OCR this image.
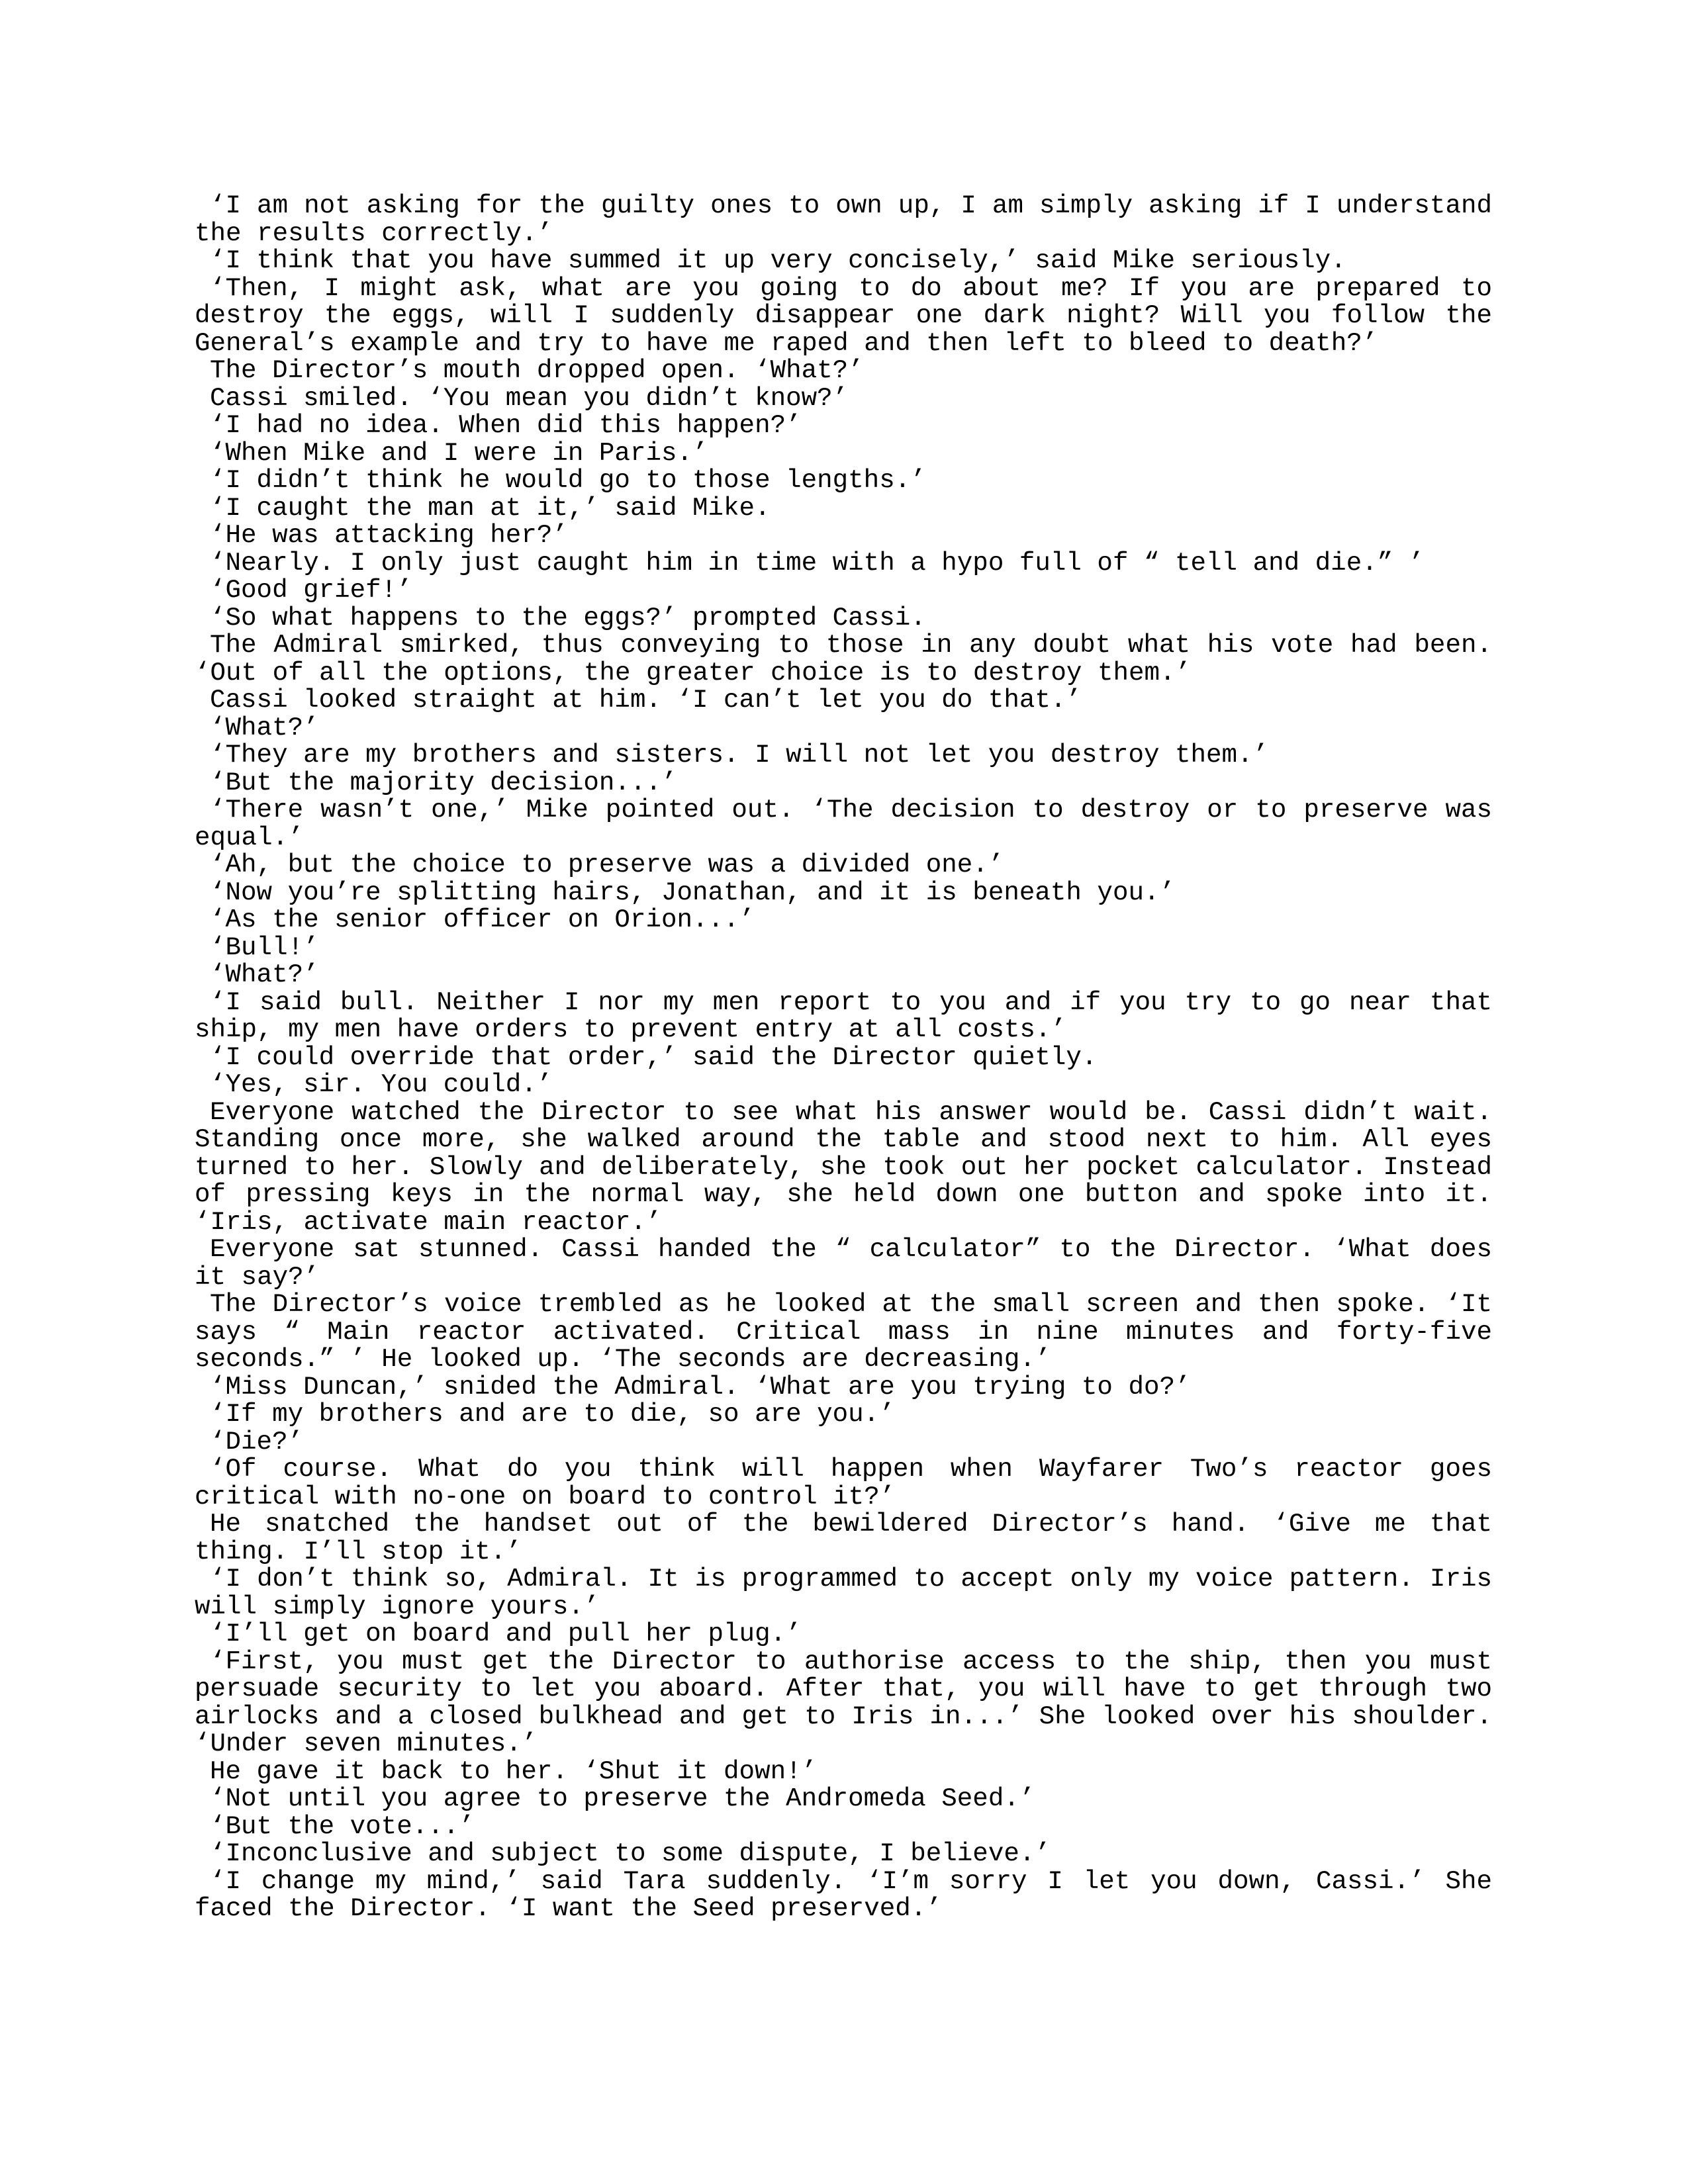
‘I am not asking for the guilty ones to own up, I am simply asking if I understand the results correctly.’

‘I think that you have summed it up very concisely,’ said Mike seriously.

‘Then, I might ask, what are you going to do about me? If you are prepared to destroy the eggs, will I suddenly disappear one dark night? Will you follow the General’s example and try to have me raped and then left to bleed to death?’

The Director’s mouth dropped open. ‘What?’

Cassi smiled. ‘You mean you didn’t know?’

‘I had no idea. When did this happen?’

‘When Mike and I were in Paris.’

‘I didn’t think he would go to those lengths.’

‘I caught the man at it,’ said Mike.

‘He was attacking her?’

‘Nearly. I only just caught him in time with a hypo full of “ tell and die.” ’

‘Good grief!’

‘So what happens to the eggs?’ prompted Cassi.

The Admiral smirked, thus conveying to those in any doubt what his vote had been. ‘Out of all the options, the greater choice is to destroy them.’

Cassi looked straight at him. ‘I can’t let you do that.’

‘What?’

‘They are my brothers and sisters. I will not let you destroy them.’

‘But the majority decision...’

‘There wasn’t one,’ Mike pointed out. ‘The decision to destroy or to preserve was equal.’

‘Ah, but the choice to preserve was a divided one.’

‘Now you’re splitting hairs, Jonathan, and it is beneath you.’

‘As the senior officer on Orion...’

‘Bull!’

‘What?’

‘I said bull. Neither I nor my men report to you and if you try to go near that ship, my men have orders to prevent entry at all costs.’

‘I could override that order,’ said the Director quietly.

‘Yes, sir. You could.’

Everyone watched the Director to see what his answer would be. Cassi didn’t wait. Standing once more, she walked around the table and stood next to him. All eyes turned to her. Slowly and deliberately, she took out her pocket calculator. Instead of pressing keys in the normal way, she held down one button and spoke into it. ‘Iris, activate main reactor.’

Everyone sat stunned. Cassi handed the “ calculator” to the Director. ‘What does it say?’

The Director’s voice trembled as he looked at the small screen and then spoke. ‘It says “ Main reactor activated. Critical mass in nine minutes and forty-five seconds.” ’ He looked up. ‘The seconds are decreasing.’

‘Miss Duncan,’ snided the Admiral. ‘What are you trying to do?’

‘If my brothers and are to die, so are you.’

‘Die?’

‘Of course. What do you think will happen when Wayfarer Two’s reactor goes critical with no-one on board to control it?’

He snatched the handset out of the bewildered Director’s hand. ‘Give me that thing. I’ll stop it.’

‘I don’t think so, Admiral. It is programmed to accept only my voice pattern. Iris will simply ignore yours.’

‘I’ll get on board and pull her plug.’

‘First, you must get the Director to authorise access to the ship, then you must persuade security to let you aboard. After that, you will have to get through two airlocks and a closed bulkhead and get to Iris in...’ She looked over his shoulder. ‘Under seven minutes.’

He gave it back to her. ‘Shut it down!’

‘Not until you agree to preserve the Andromeda Seed.’

‘But the vote...’

‘Inconclusive and subject to some dispute, I believe.’

‘I change my mind,’ said Tara suddenly. ‘I’m sorry I let you down, Cassi.’ She faced the Director. ‘I want the Seed preserved.’
